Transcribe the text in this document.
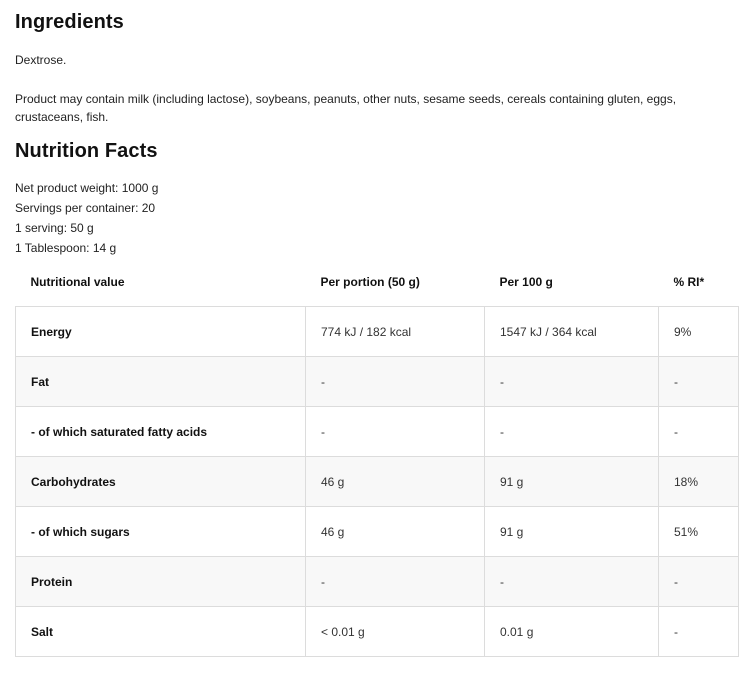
Ingredients

Dextrose.

Product may contain milk (including lactose), soybeans, peanuts, other nuts, sesame seeds, cereals containing gluten, eggs, crustaceans, fish.

Nutrition Facts
Net product weight: 1000 g
Servings per container: 20
1 serving: 50 g
1 Tablespoon: 14 g
Nutritional value	Per portion (50 g)	Per 100 g	% RI*
Energy	774 kJ / 182 kcal	1547 kJ / 364 kcal	9%
Fat	-	-	-
- of which saturated fatty acids	-	-	-
Carbohydrates	46 g	91 g	18%
- of which sugars	46 g	91 g	51%
Protein	-	-	-
Salt	< 0.01 g	0.01 g	-
